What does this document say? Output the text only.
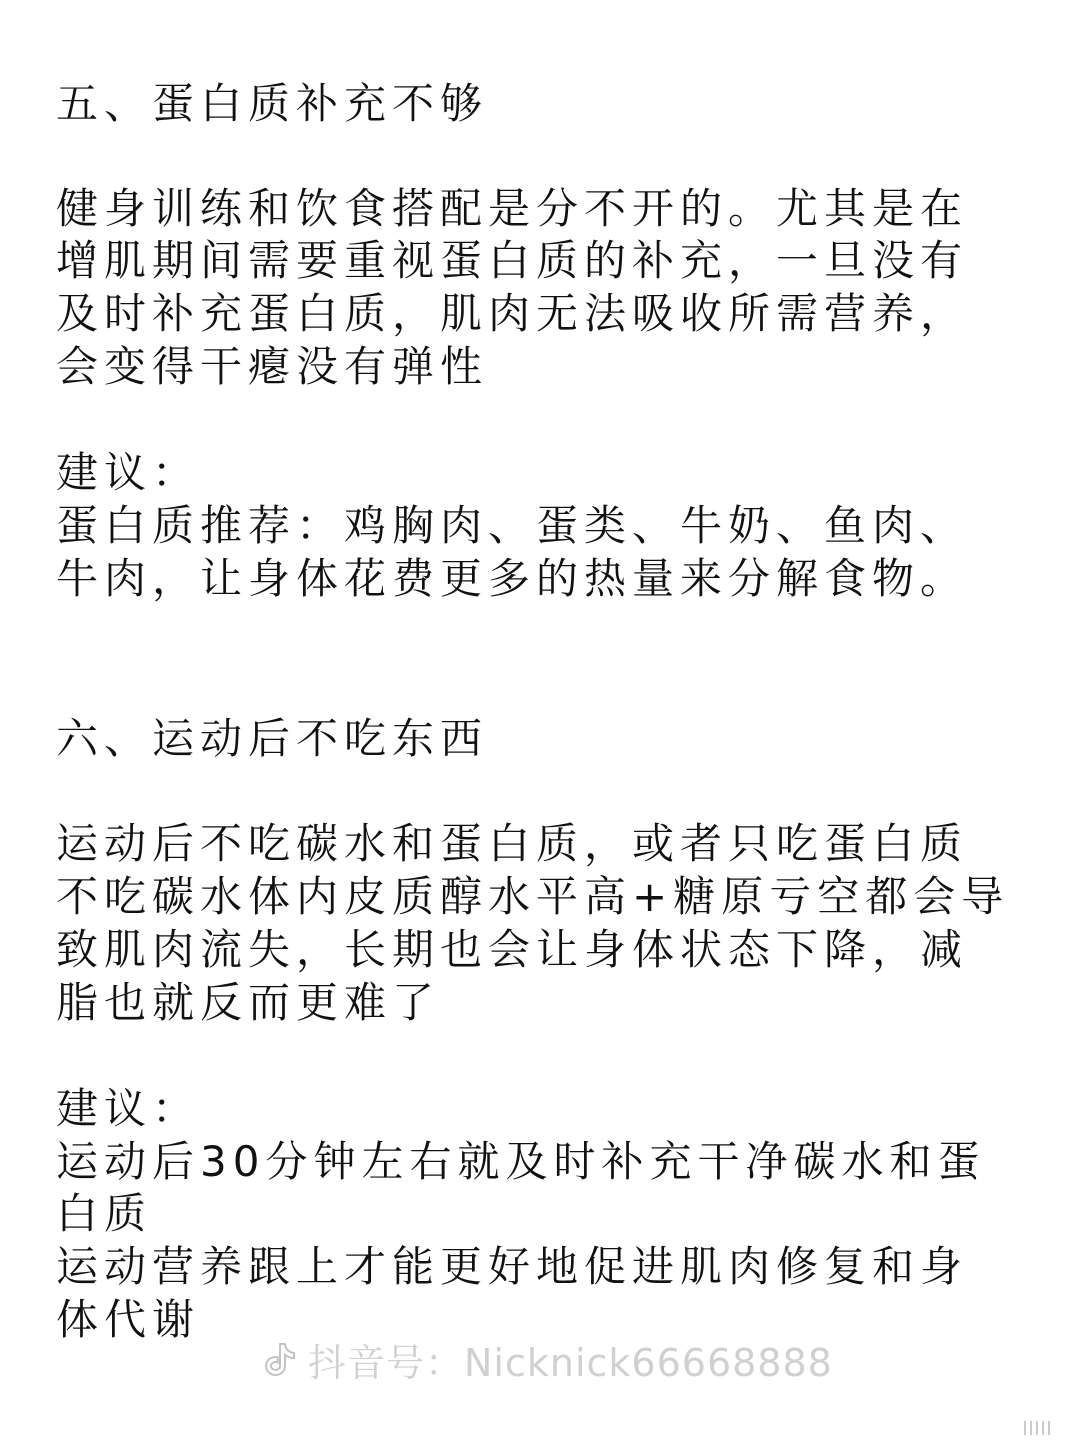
五、蛋白质补充不够
健身训练和饮食搭配是分不开的。尤其是在
增肌期间需要重视蛋白质的补充，一旦没有
及时补充蛋白质，肌肉无法吸收所需营养，
会变得干瘪没有弹性
建议：
蛋白质推荐：鸡胸肉、蛋类、牛奶、鱼肉、
牛肉，让身体花费更多的热量来分解食物。
六、运动后不吃东西
运动后不吃碳水和蛋白质，或者只吃蛋白质
不吃碳水体内皮质醇水平高+糖原亏空都会导
致肌肉流失，长期也会让身体状态下降，减
脂也就反而更难了
建议：
运动后30分钟左右就及时补充干净碳水和蛋
白质
运动营养跟上才能更好地促进肌肉修复和身
体代谢
抖音号：Nicknick66668888
